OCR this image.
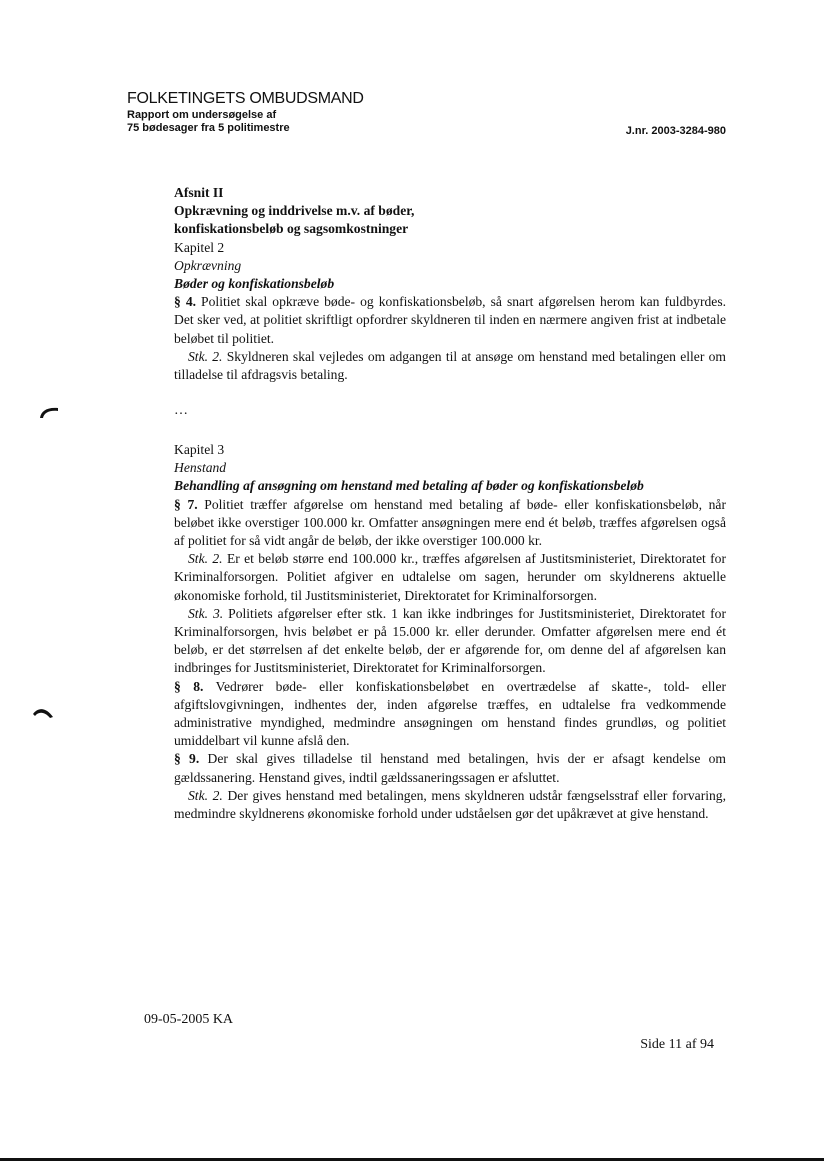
FOLKETINGETS OMBUDSMAND
Rapport om undersøgelse af
75 bødesager fra 5 politimestre	J.nr. 2003-3284-980

Afsnit II

Opkrævning og inddrivelse m.v. af bøder,

konfiskationsbeløb og sagsomkostninger

Kapitel 2

Opkrævning

Bøder og konfiskationsbeløb

§ 4. Politiet skal opkræve bøde- og konfiskationsbeløb, så snart afgørelsen herom kan fuldbyrdes. Det sker ved, at politiet skriftligt opfordrer skyldneren til inden en nærmere angiven frist at indbetale beløbet til politiet.

Stk. 2. Skyldneren skal vejledes om adgangen til at ansøge om henstand med betalingen eller om tilladelse til afdragsvis betaling.

…

Kapitel 3

Henstand

Behandling af ansøgning om henstand med betaling af bøder og konfiskationsbeløb

§ 7. Politiet træffer afgørelse om henstand med betaling af bøde- eller konfiskationsbeløb, når beløbet ikke overstiger 100.000 kr. Omfatter ansøgningen mere end ét beløb, træffes afgørelsen også af politiet for så vidt angår de beløb, der ikke overstiger 100.000 kr.

Stk. 2. Er et beløb større end 100.000 kr., træffes afgørelsen af Justitsministeriet, Direktoratet for Kriminalforsorgen. Politiet afgiver en udtalelse om sagen, herunder om skyldnerens aktuelle økonomiske forhold, til Justitsministeriet, Direktoratet for Kriminalforsorgen.

Stk. 3. Politiets afgørelser efter stk. 1 kan ikke indbringes for Justitsministeriet, Direktoratet for Kriminalforsorgen, hvis beløbet er på 15.000 kr. eller derunder. Omfatter afgørelsen mere end ét beløb, er det størrelsen af det enkelte beløb, der er afgørende for, om denne del af afgørelsen kan indbringes for Justitsministeriet, Direktoratet for Kriminalforsorgen.

§ 8. Vedrører bøde- eller konfiskationsbeløbet en overtrædelse af skatte-, told- eller afgiftslovgivningen, indhentes der, inden afgørelse træffes, en udtalelse fra vedkommende administrative myndighed, medmindre ansøgningen om henstand findes grundløs, og politiet umiddelbart vil kunne afslå den.

§ 9. Der skal gives tilladelse til henstand med betalingen, hvis der er afsagt kendelse om gældssanering. Henstand gives, indtil gældssaneringssagen er afsluttet.

Stk. 2. Der gives henstand med betalingen, mens skyldneren udstår fængselsstraf eller forvaring, medmindre skyldnerens økonomiske forhold under udståelsen gør det upåkrævet at give henstand.

09-05-2005 KA
Side 11 af 94
